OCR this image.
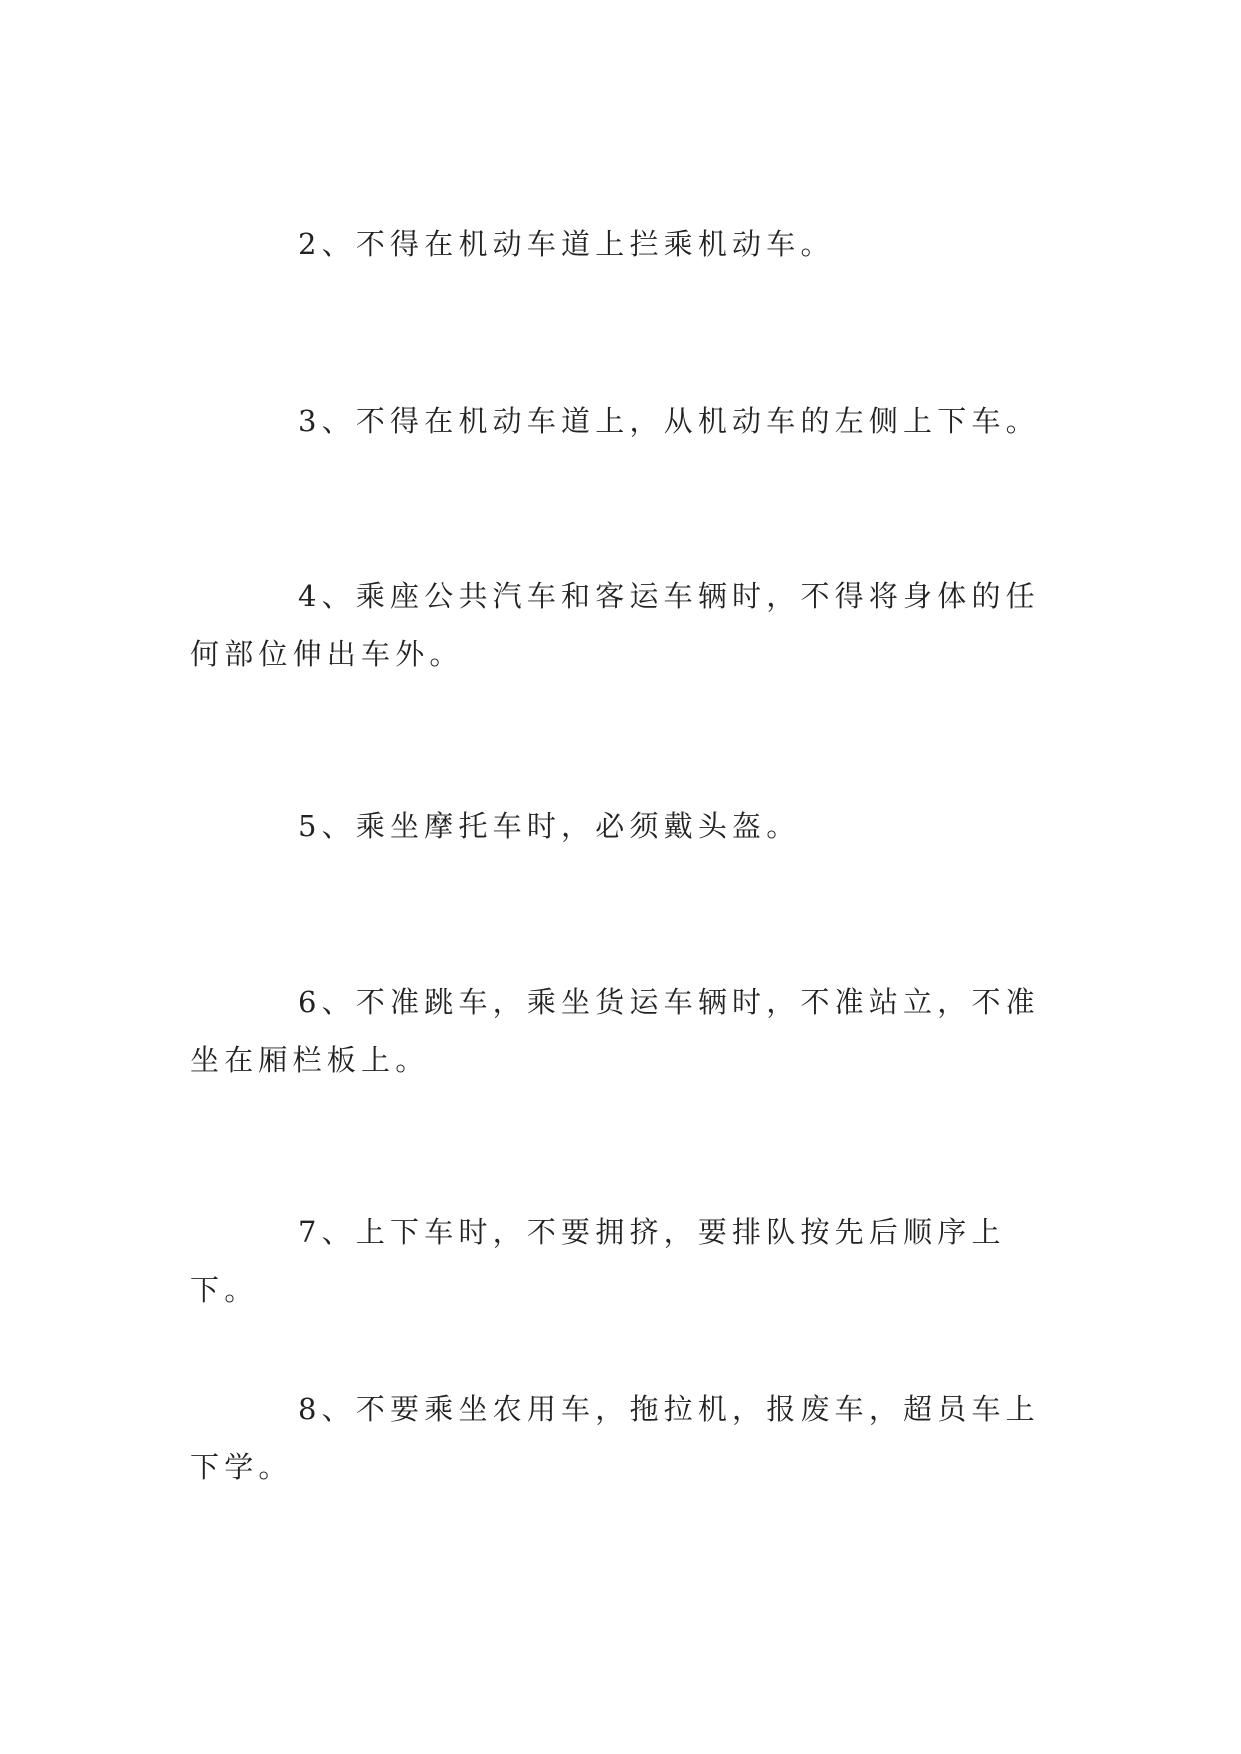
2、不得在机动车道上拦乘机动车。

3、不得在机动车道上，从机动车的左侧上下车。

4、乘座公共汽车和客运车辆时，不得将身体的任何部位伸出车外。

5、乘坐摩托车时，必须戴头盔。

6、不准跳车，乘坐货运车辆时，不准站立，不准坐在厢栏板上。

7、上下车时，不要拥挤，要排队按先后顺序上下。

8、不要乘坐农用车，拖拉机，报废车，超员车上下学。
